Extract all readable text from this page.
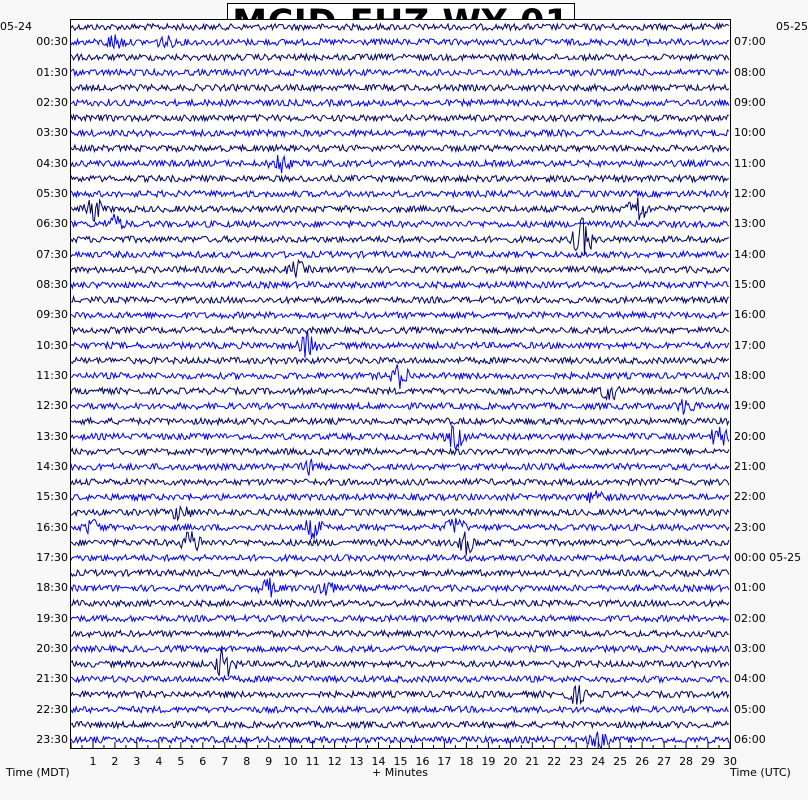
00:30
01:30
02:30
03:30
04:30
05:30
06:30
07:30
08:30
09:30
10:30
11:30
12:30
13:30
14:30
15:30
16:30
17:30
18:30
19:30
20:30
21:30
22:30
23:30
07:00
08:00
09:00
10:00
11:00
12:00
13:00
14:00
15:00
16:00
17:00
18:00
19:00
20:00
21:00
22:00
23:00
00:00 05-25
01:00
02:00
03:00
04:00
05:00
06:00
1 2 3 4 5 6 7 8 9 10 11 12 13 14 15 16 17 18 19 20 21 22 23 24 25 26 27 28 29 30
05-24	05-25
Time (MDT)	+ Minutes	Time (UTC)
